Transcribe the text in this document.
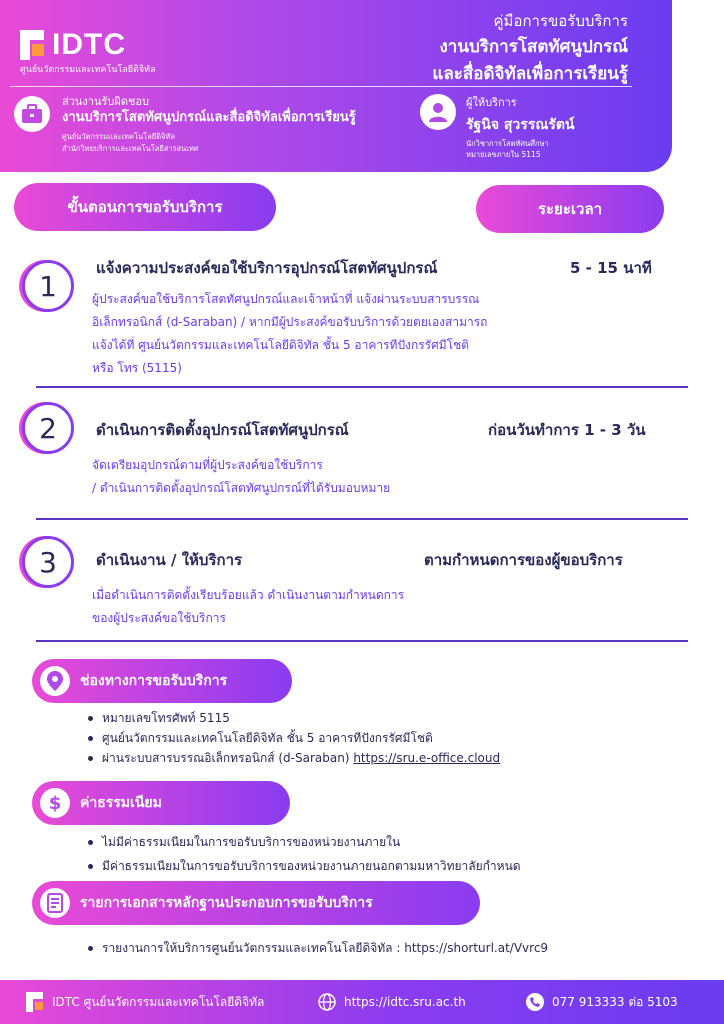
IDTC
ศูนย์นวัตกรรมและเทคโนโลยีดิจิทัล
คู่มือการขอรับบริการ
งานบริการโสตทัศนูปกรณ์
และสื่อดิจิทัลเพื่อการเรียนรู้
ส่วนงานรับผิดชอบ
งานบริการโสตทัศนูปกรณ์และสื่อดิจิทัลเพื่อการเรียนรู้
ศูนย์นวัตกรรมและเทคโนโลยีดิจิทัล
สำนักวิทยบริการและเทคโนโลยีสารสนเทศ
ผู้ให้บริการ
รัฐนิจ สุวรรณรัตน์
นักวิชาการโสตทัศนศึกษา
หมายเลขภายใน 5115
ขั้นตอนการขอรับบริการ	ระยะเวลา
1
แจ้งความประสงค์ขอใช้บริการอุปกรณ์โสตทัศนูปกรณ์	5 - 15 นาที
ผู้ประสงค์ขอใช้บริการโสตทัศนูปกรณ์และเจ้าหน้าที่ แจ้งผ่านระบบสารบรรณ
อิเล็กทรอนิกส์ (d-Saraban) / หากมีผู้ประสงค์ขอรับบริการด้วยตยเองสามารถ
แจ้งได้ที่ ศูนย์นวัตกรรมและเทคโนโลยีดิจิทัล ชั้น 5 อาคารทีปังกรรัศมีโชติ
หรือ โทร (5115)
2	ดำเนินการติดตั้งอุปกรณ์โสตทัศนูปกรณ์	ก่อนวันทำการ 1 - 3 วัน
จัดเตรียมอุปกรณ์ตามที่ผู้ประสงค์ขอใช้บริการ
/ ดำเนินการติดตั้งอุปกรณ์โสตทัศนูปกรณ์ที่ได้รับมอบหมาย
3	ดำเนินงาน / ให้บริการ	ตามกำหนดการของผู้ขอบริการ
เมื่อดำเนินการติดตั้งเรียบร้อยแล้ว ดำเนินงานตามกำหนดการ
ของผู้ประสงค์ขอใช้บริการ
ช่องทางการขอรับบริการ
หมายเลขโทรศัพท์ 5115
ศูนย์นวัตกรรมและเทคโนโลยีดิจิทัล ชั้น 5 อาคารทีปังกรรัศมีโชติ
ผ่านระบบสารบรรณอิเล็กทรอนิกส์ (d-Saraban) https://sru.e-office.cloud
$ ค่าธรรมเนียม
ไม่มีค่าธรรมเนียมในการขอรับบริการของหน่วยงานภายใน
มีค่าธรรมเนียมในการขอรับบริการของหน่วยงานภายนอกตามมหาวิทยาลัยกำหนด
รายการเอกสารหลักฐานประกอบการขอรับบริการ
รายงานการให้บริการศูนย์นวัตกรรมและเทคโนโลยีดิจิทัล : https://shorturl.at/Vvrc9
IDTC ศูนย์นวัตกรรมและเทคโนโลยีดิจิทัล	https://idtc.sru.ac.th	077 913333 ต่อ 5103
